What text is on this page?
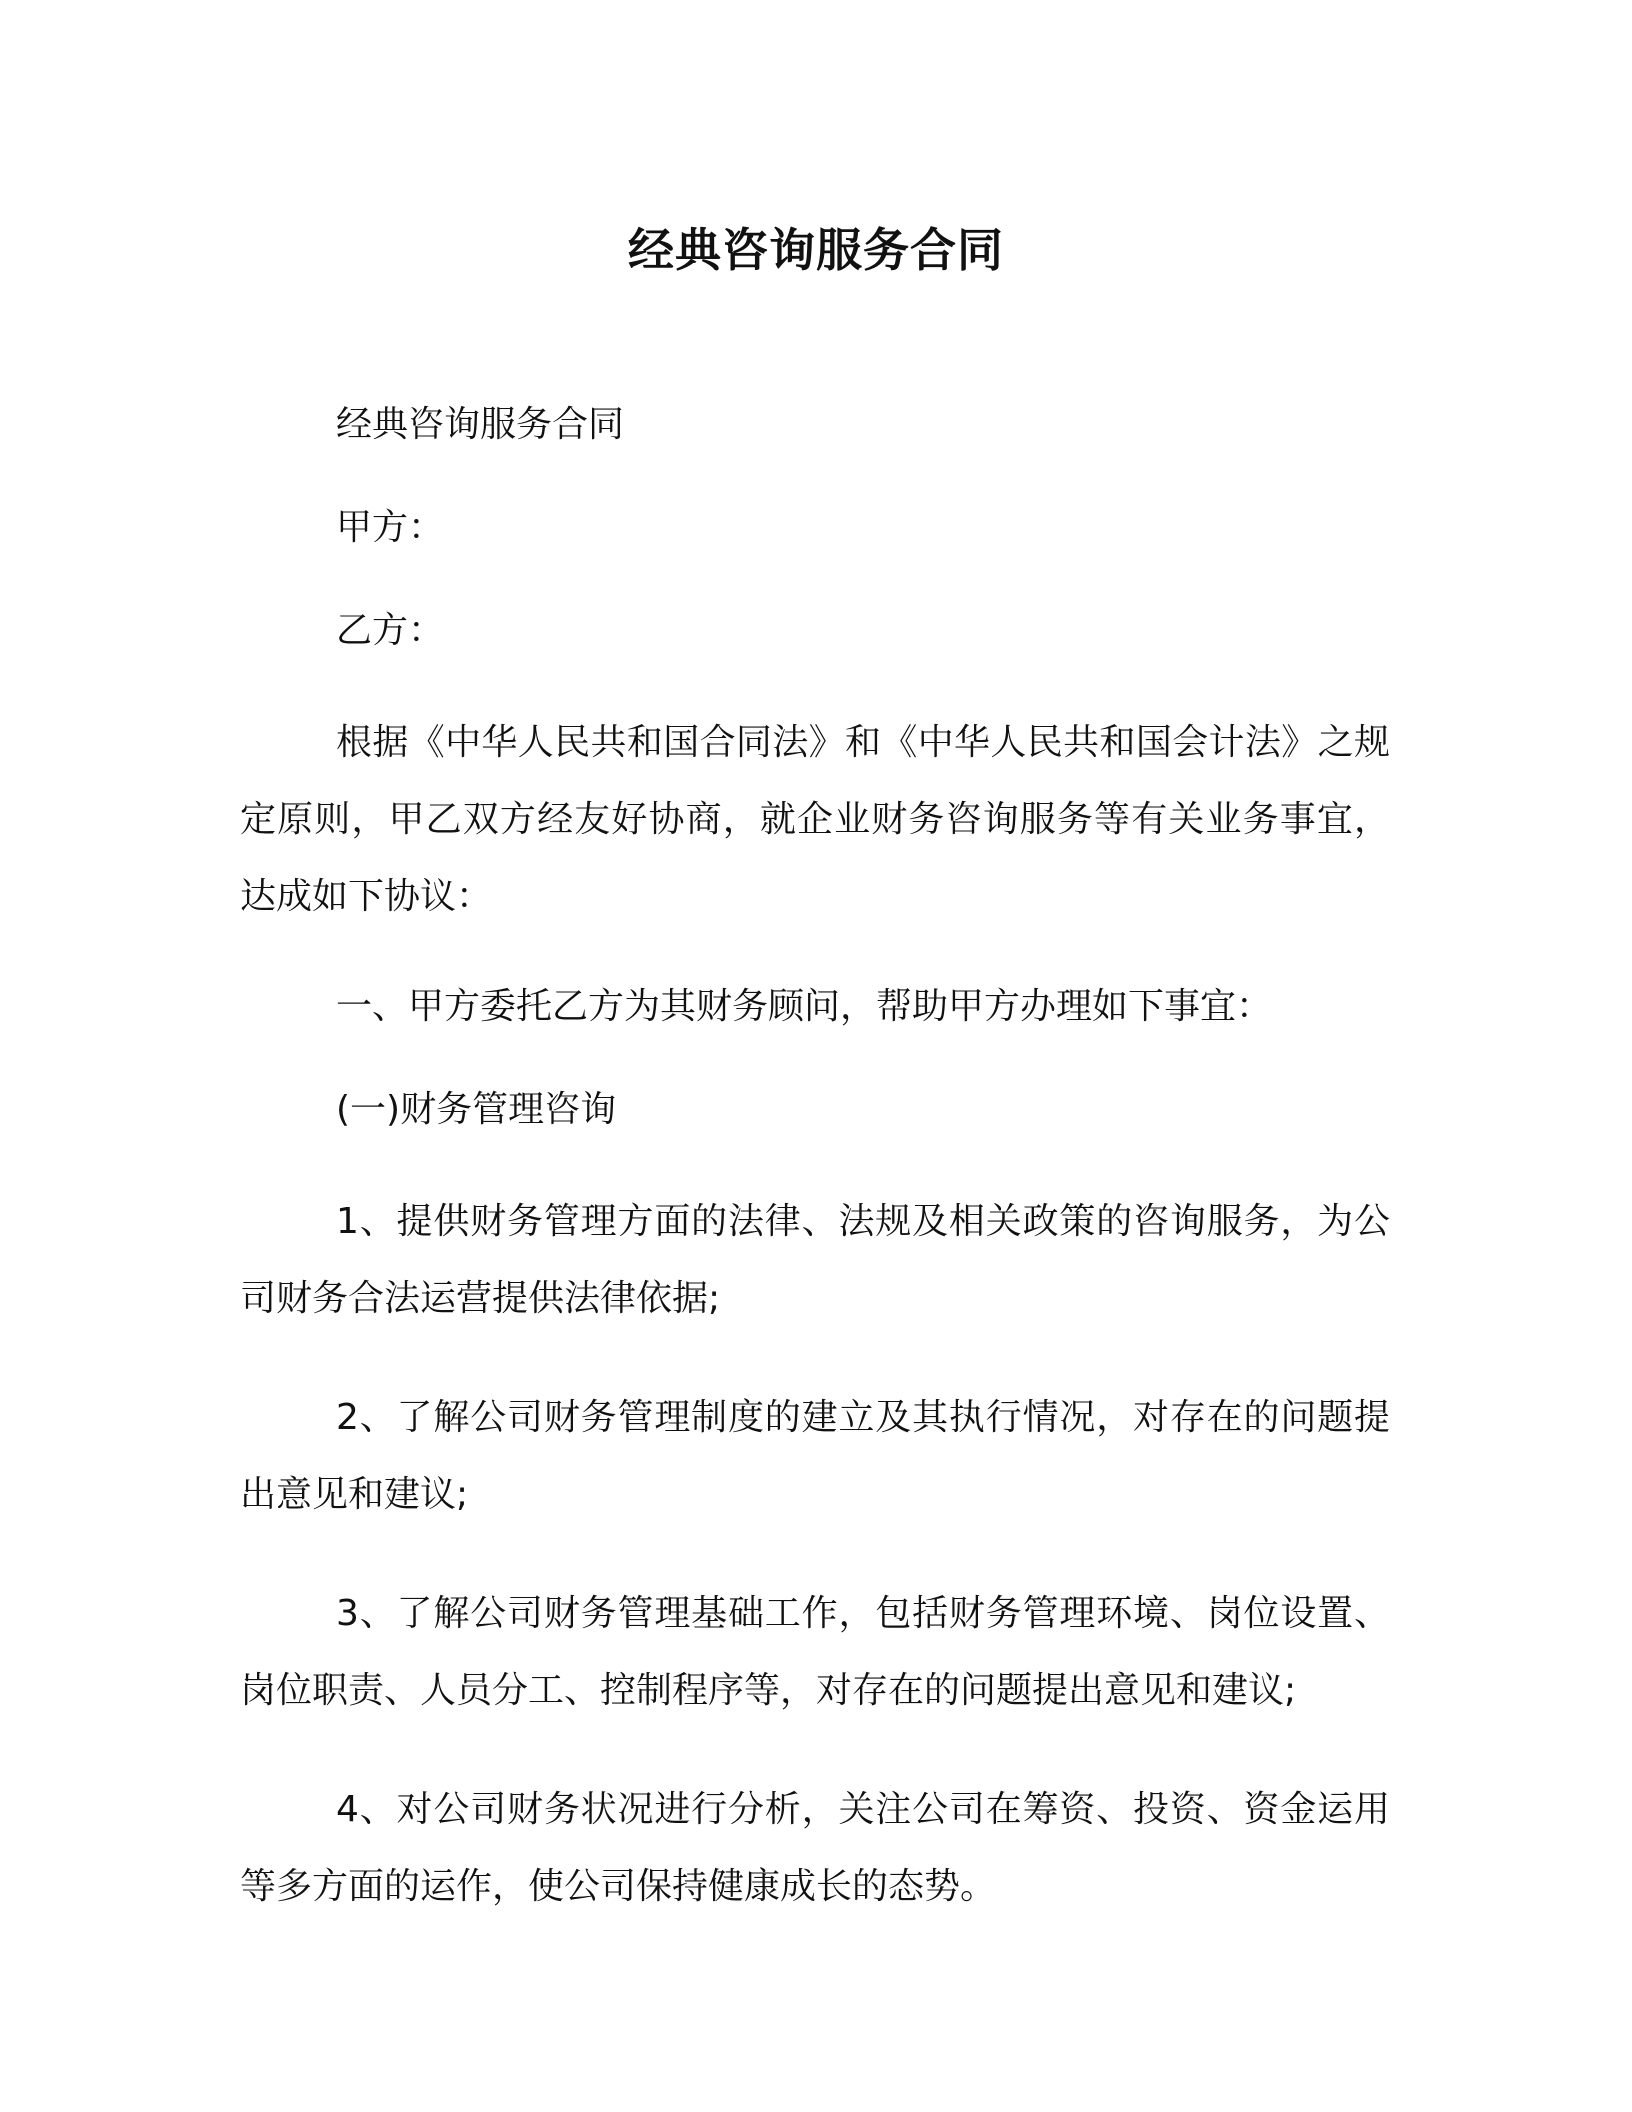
经典咨询服务合同

经典咨询服务合同

甲方：

乙方：

根据《中华人民共和国合同法》和《中华人民共和国会计法》之规定原则，甲乙双方经友好协商，就企业财务咨询服务等有关业务事宜，达成如下协议：

一、甲方委托乙方为其财务顾问，帮助甲方办理如下事宜：

(一)财务管理咨询

1、提供财务管理方面的法律、法规及相关政策的咨询服务，为公司财务合法运营提供法律依据;

2、了解公司财务管理制度的建立及其执行情况，对存在的问题提出意见和建议;

3、了解公司财务管理基础工作，包括财务管理环境、岗位设置、岗位职责、人员分工、控制程序等，对存在的问题提出意见和建议;

4、对公司财务状况进行分析，关注公司在筹资、投资、资金运用等多方面的运作，使公司保持健康成长的态势。
